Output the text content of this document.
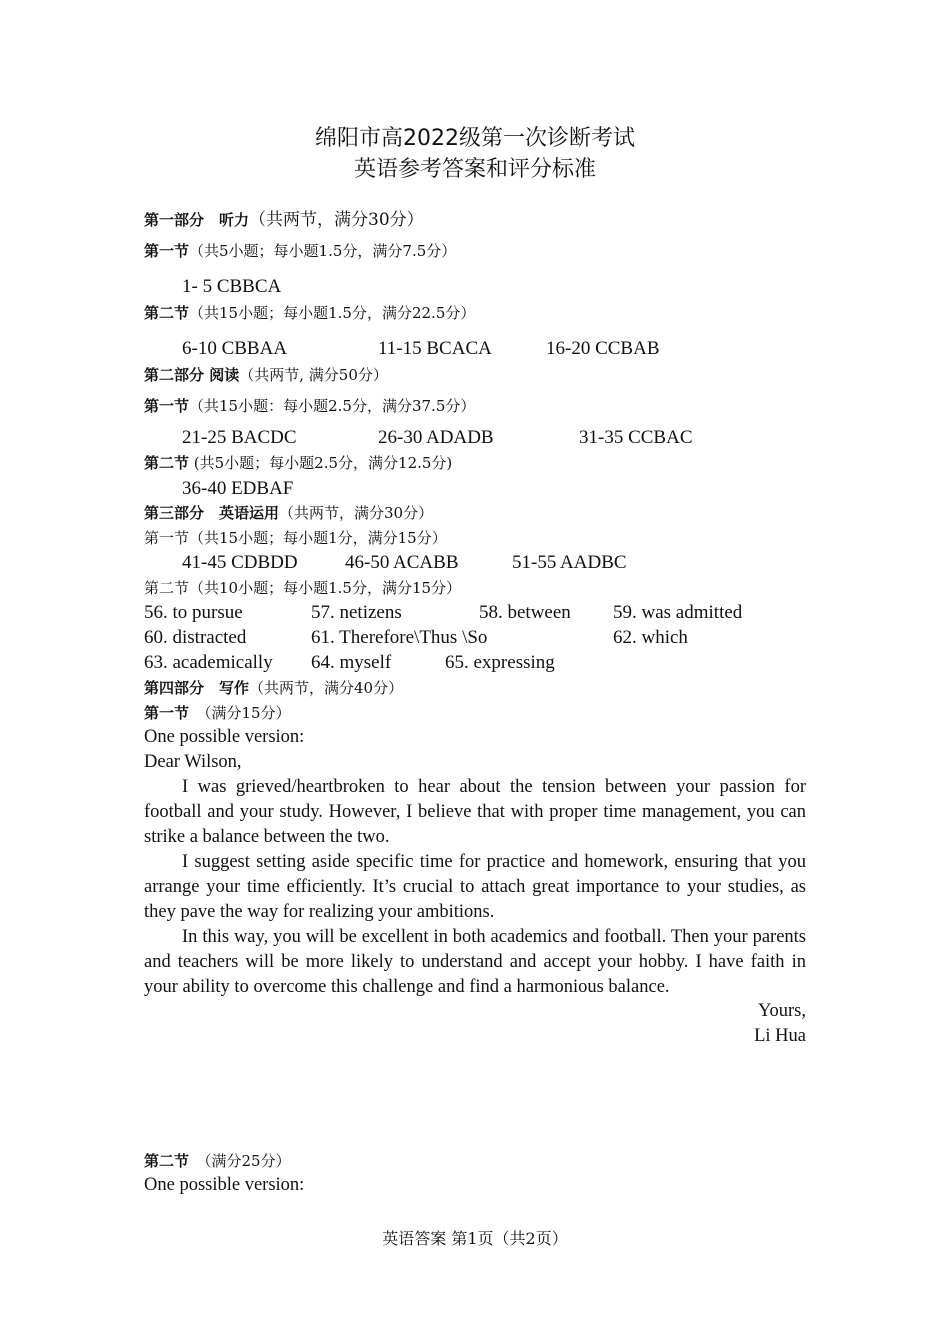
绵阳市高2022级第一次诊断考试
英语参考答案和评分标准
第一部分　听力（共两节，满分30分）
第一节（共5小题；每小题1.5分，满分7.5分）
1- 5 CBBCA
第二节（共15小题；每小题1.5分，满分22.5分）
6-10 CBBAA	11-15 BCACA	16-20 CCBAB
第二部分 阅读（共两节, 满分50分）
第一节（共15小题：每小题2.5分，满分37.5分）
21-25 BACDC	26-30 ADADB	31-35 CCBAC
第二节 (共5小题；每小题2.5分，满分12.5分)
36-40 EDBAF
第三部分　英语运用（共两节，满分30分）
第一节（共15小题；每小题1分，满分15分）
41-45 CDBDD 46-50 ACABB	51-55 AADBC
第二节（共10小题；每小题1.5分，满分15分）
56. to pursue	57. netizens	58. between 59. was admitted
60. distracted	61. Therefore\Thus \So	62. which
63. academically 64. myself	65. expressing
第四部分　写作（共两节，满分40分）
第一节　（满分15分）
One possible version:
Dear Wilson,
I was grieved/heartbroken to hear about the tension between your passion for football and your study. However, I believe that with proper time management, you can strike a balance between the two.
I suggest setting aside specific time for practice and homework, ensuring that you arrange your time efficiently. It’s crucial to attach great importance to your studies, as they pave the way for realizing your ambitions.
In this way, you will be excellent in both academics and football. Then your parents and teachers will be more likely to understand and accept your hobby. I have faith in your ability to overcome this challenge and find a harmonious balance.
Yours,
Li Hua
第二节　（满分25分）
One possible version:
英语答案 第1页（共2页）
